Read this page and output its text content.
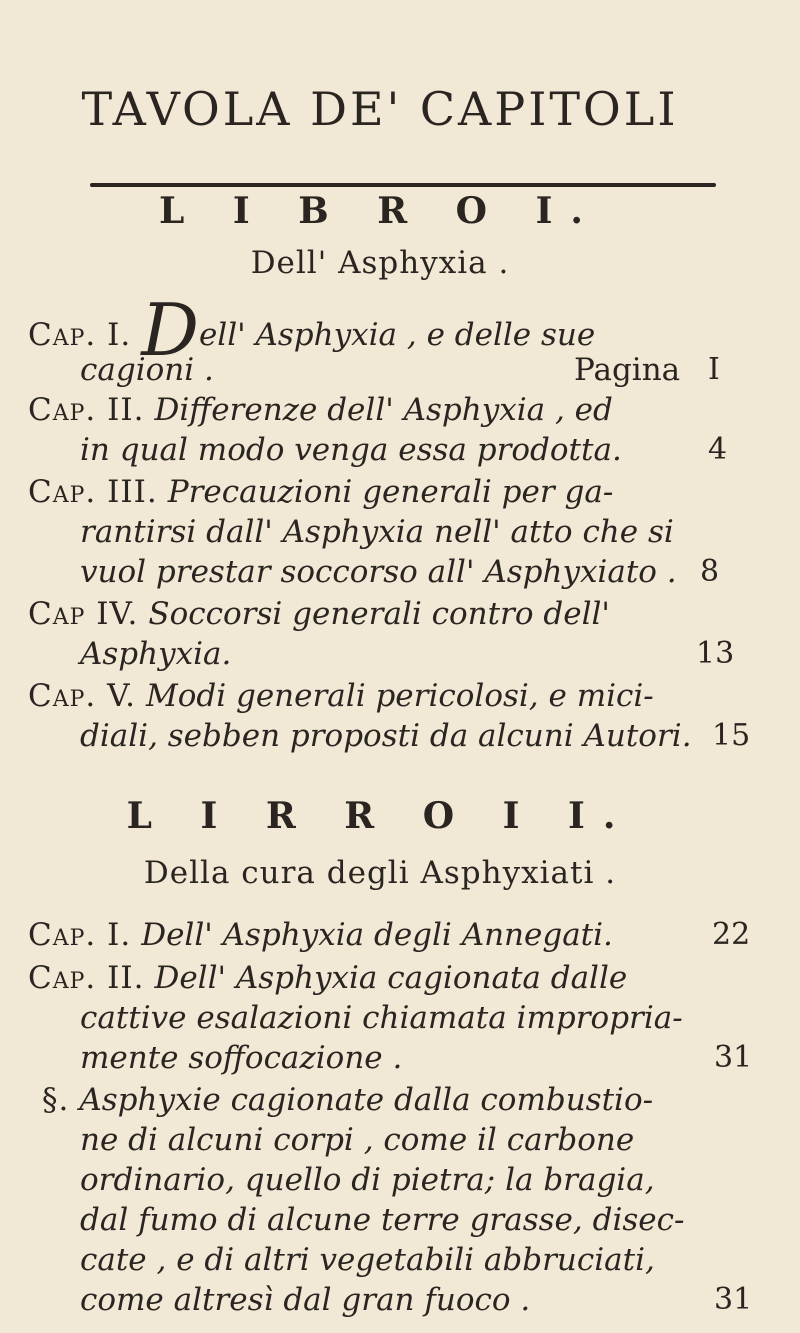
TAVOLA DE' CAPITOLI
L I B R O I.
Dell' Asphyxia .
Cap. I. Dell' Asphyxia , e delle sue
cagioni .	Pagina I
Cap. II. Differenze dell' Asphyxia , ed
in qual modo venga essa prodotta.	4
Cap. III. Precauzioni generali per ga-
rantirsi dall' Asphyxia nell' atto che si
vuol prestar soccorso all' Asphyxiato . 8
Cap IV. Soccorsi generali contro dell'
Asphyxia.	13
Cap. V. Modi generali pericolosi, e mici-
diali, sebben proposti da alcuni Autori. 15
L I R R O I I.
Della cura degli Asphyxiati .
Cap. I. Dell' Asphyxia degli Annegati.	22
Cap. II. Dell' Asphyxia cagionata dalle
cattive esalazioni chiamata impropria-
mente soffocazione .	31
§. Asphyxie cagionate dalla combustio-
ne di alcuni corpi , come il carbone
ordinario, quello di pietra; la bragia,
dal fumo di alcune terre grasse, disec-
cate , e di altri vegetabili abbruciati,
come altresì dal gran fuoco .	31
